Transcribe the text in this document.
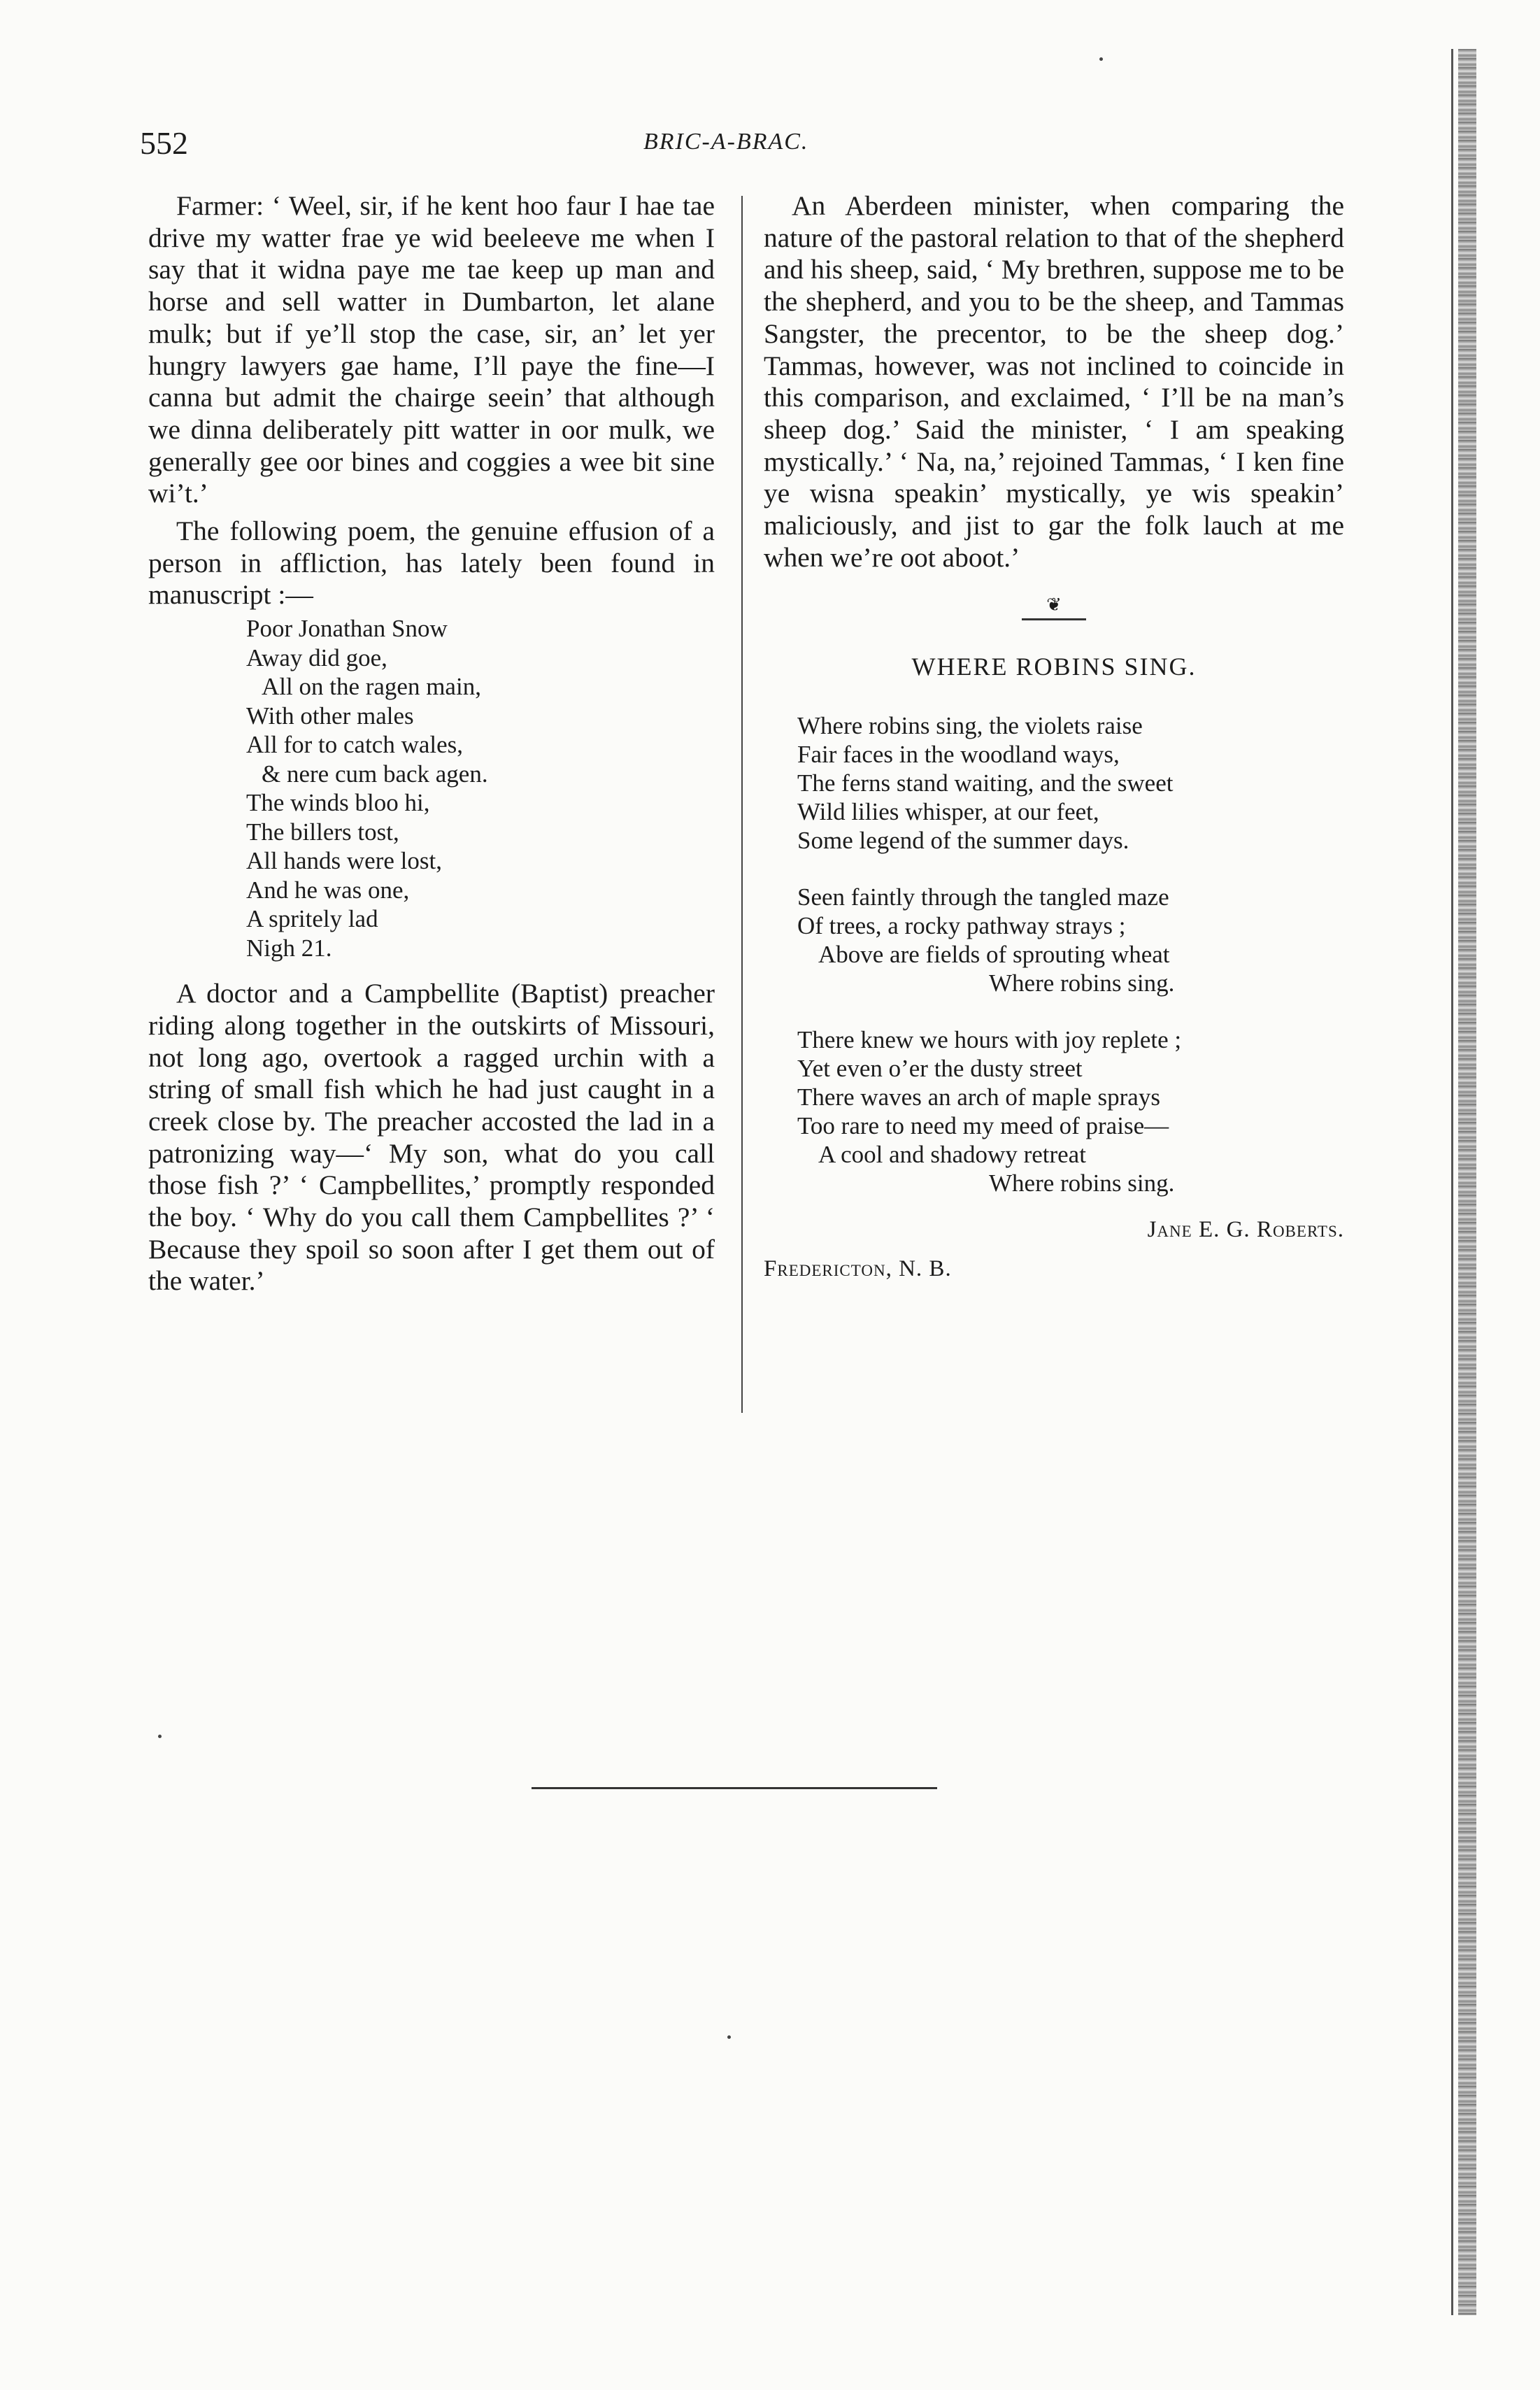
552	BRIC-A-BRAC.

Farmer: ‘ Weel, sir, if he kent hoo faur I hae tae drive my watter frae ye wid beeleeve me when I say that it widna paye me tae keep up man and horse and sell watter in Dumbarton, let alane mulk; but if ye’ll stop the case, sir, an’ let yer hungry lawyers gae hame, I’ll paye the fine—I canna but admit the chairge seein’ that although we dinna deliberately pitt watter in oor mulk, we generally gee oor bines and coggies a wee bit sine wi’t.’

The following poem, the genuine effusion of a person in affliction, has lately been found in manuscript :—

Poor Jonathan Snow
Away did goe,
All on the ragen main,
With other males
All for to catch wales,
& nere cum back agen.
The winds bloo hi,
The billers tost,
All hands were lost,
And he was one,
A spritely lad
Nigh 21.

A doctor and a Campbellite (Baptist) preacher riding along together in the outskirts of Missouri, not long ago, overtook a ragged urchin with a string of small fish which he had just caught in a creek close by. The preacher accosted the lad in a patronizing way—‘ My son, what do you call those fish ?’ ‘ Campbellites,’ promptly responded the boy. ‘ Why do you call them Campbellites ?’ ‘ Because they spoil so soon after I get them out of the water.’

An Aberdeen minister, when comparing the nature of the pastoral relation to that of the shepherd and his sheep, said, ‘ My brethren, suppose me to be the shepherd, and you to be the sheep, and Tammas Sangster, the precentor, to be the sheep dog.’ Tammas, however, was not inclined to coincide in this comparison, and exclaimed, ‘ I’ll be na man’s sheep dog.’ Said the minister, ‘ I am speaking mystically.’ ‘ Na, na,’ rejoined Tammas, ‘ I ken fine ye wisna speakin’ mystically, ye wis speakin’ maliciously, and jist to gar the folk lauch at me when we’re oot aboot.’

❦
WHERE ROBINS SING.
Where robins sing, the violets raise
Fair faces in the woodland ways,
The ferns stand waiting, and the sweet
Wild lilies whisper, at our feet,
Some legend of the summer days.
Seen faintly through the tangled maze
Of trees, a rocky pathway strays ;
Above are fields of sprouting wheat
Where robins sing.
There knew we hours with joy replete ;
Yet even o’er the dusty street
There waves an arch of maple sprays
Too rare to need my meed of praise—
A cool and shadowy retreat
Where robins sing.
Jane E. G. Roberts.
Fredericton, N. B.
